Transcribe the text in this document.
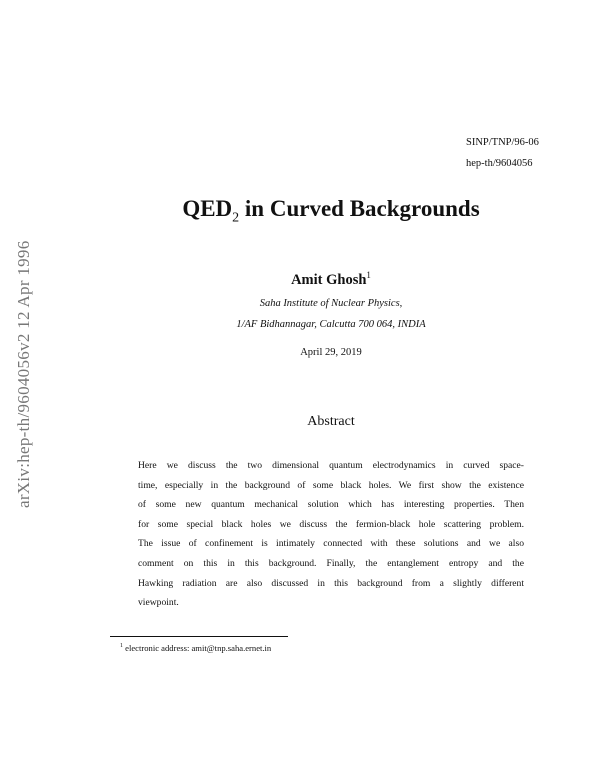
SINP/TNP/96-06
hep-th/9604056
arXiv:hep-th/9604056v2 12 Apr 1996
$QED_2$ in Curved Backgrounds
Amit Ghosh$^1$
Saha Institute of Nuclear Physics,
1/AF Bidhannagar, Calcutta 700 064, INDIA
April 29, 2019
Abstract
Here we discuss the two dimensional quantum electrodynamics in curved space-
time, especially in the background of some black holes. We first show the existence
of some new quantum mechanical solution which has interesting properties. Then
for some special black holes we discuss the fermion-black hole scattering problem.
The issue of confinement is intimately connected with these solutions and we also
comment on this in this background. Finally, the entanglement entropy and the
Hawking radiation are also discussed in this background from a slightly different
viewpoint.
$^1$ electronic address: amit@tnp.saha.ernet.in
